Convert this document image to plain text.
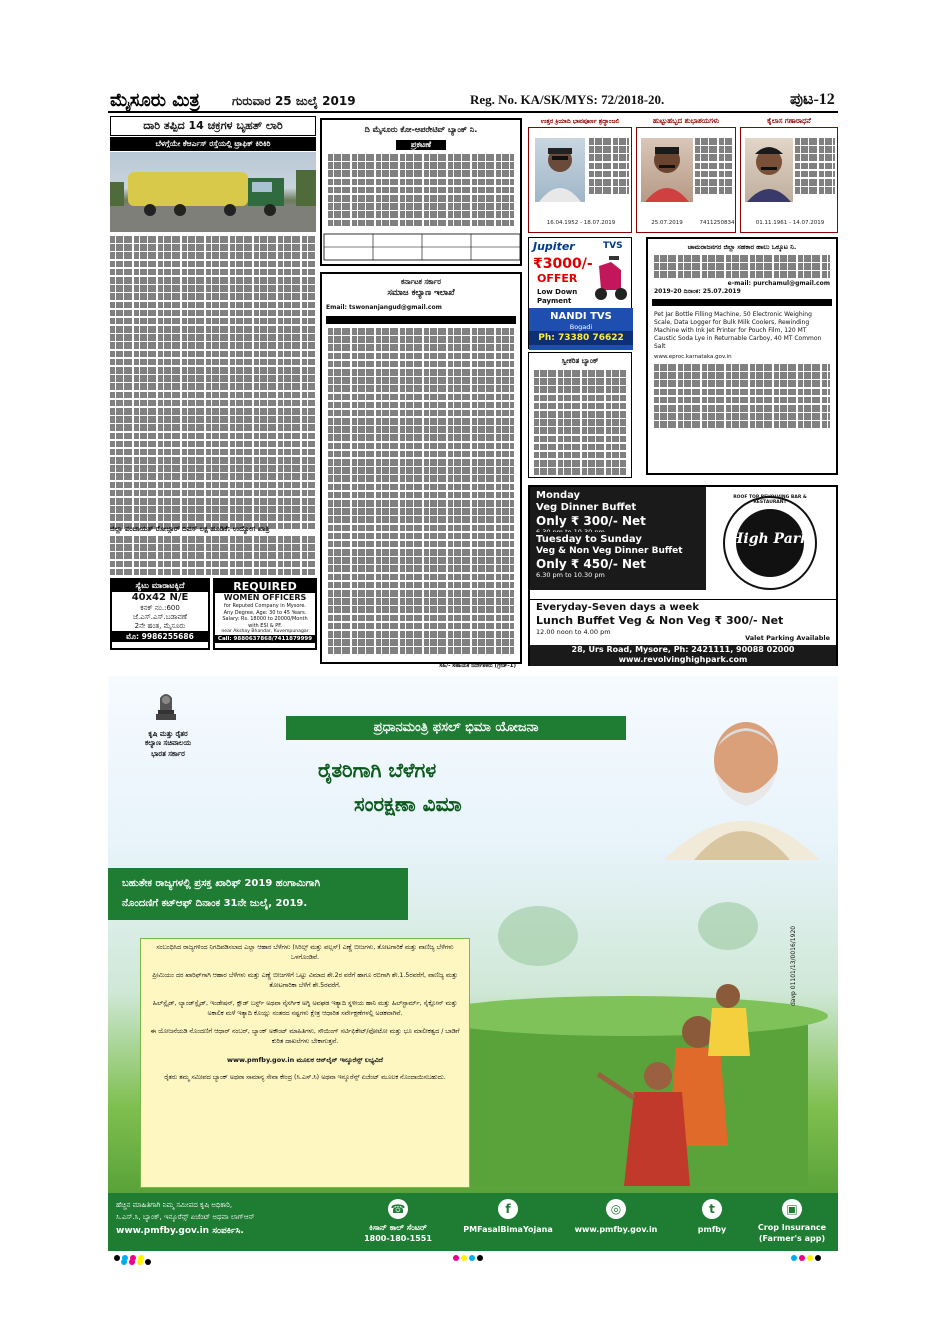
ಮೈಸೂರು ಮಿತ್ರ	ಗುರುವಾರ 25 ಜುಲೈ 2019	Reg. No. KA/SK/MYS: 72/2018-20.	ಪುಟ-12
ದಾರಿ ತಪ್ಪಿದ 14 ಚಕ್ರಗಳ ಬೃಹತ್ ಲಾರಿ
ಬೆಳಗ್ಗೆಯೇ ಕೆಆರ್ಎಸ್ ರಸ್ತೆಯಲ್ಲಿ ಟ್ರಾಫಿಕ್ ಕಿರಿಕಿರಿ
ಜಿಲ್ಲಾ ಪಂಚಾಯತ್ ರೋಜ್ಗಾರ್ ದಿವಸ್ ಲಕ್ಷ ಹೂಡಿಕೆ: ಉದ್ಯೋಗ ಖಾತ್ರಿ
ಸ್ಯೆಟು ಮಾರಾಟಕ್ಕಿದೆ
40x42 N/E
ಕನಕ್ ನಂ.:600
ಜೆ.ಎಸ್.ಎಸ್.ಬಡಾವಣೆ
2ನೇ ಹಂತ, ಮೈಸೂರು
ಮೊ: 9986255686
REQUIRED
WOMEN OFFICERS
for Reputed Company in Mysore.
Any Degree, Age: 30 to 45 Years.
Salary: Rs. 18000 to 20000/Month
with ESI & PF.
near Akshay Bhandar, Kuvempunagar
Call: 9880637868/7411879999
ದಿ ಮೈಸೂರು ಕೋ-ಆಪರೇಟಿವ್ ಬ್ಯಾಂಕ್ ನಿ.
ಪ್ರಕಟಣೆ
ಕರ್ನಾಟಕ ಸರ್ಕಾರ
ಸಮಾಜ ಕಲ್ಯಾಣ ಇಲಾಖೆ
Email: tswonanjangud@gmail.com
ಸಹಿ/- ಸಹಾಯಕ ನಿರ್ದೇಶಕರು (ಗ್ರೇಡ್-1)
ಉತ್ತರ ಕ್ರಿಯಾದಿ ಭಾವಪೂರ್ಣ ಶ್ರದ್ಧಾಂಜಲಿ	ಹುಟ್ಟುಹಬ್ಬದ ಶುಭಾಶಯಗಳು	ಕೈಲಾಸ ಗಣಾರಾಧನೆ
16.04.1952 - 18.07.2019	25.07.2019	7411250834	01.11.1961 - 14.07.2019
Jupiter	TVS
₹3000/-
OFFER
Low Down
Payment
NANDI TVS
Bogadi
Ph: 73380 76622
ಸ್ವೀಕರಿತ ಬ್ಯಾಂಕ್
ಚಾಮರಾಜನಗರ ಜಿಲ್ಲಾ ಸಹಕಾರ ಹಾಲು ಒಕ್ಕೂಟ ನಿ.
e-mail: purchamul@gmail.com
2019-20 ದಿನಾಂಕ: 25.07.2019
Pet Jar Bottle Filling Machine, 50 Electronic Weighing Scale, Data Logger for Bulk Milk Coolers, Rewinding Machine with Ink Jet Printer for Pouch Film, 120 MT Caustic Soda Lye in Returnable Carboy, 40 MT Common Salt
www.eproc.karnataka.gov.in
Monday
Veg Dinner Buffet
Only ₹ 300/- Net
Tuesday to Sunday
Veg & Non Veg Dinner Buffet
Only ₹ 450/- Net
6.30 pm to 10.30 pm
High Park
ROOF TOP REVOLVING BAR & RESTAURANT
Everyday-Seven days a week
Lunch Buffet Veg & Non Veg ₹ 300/- Net
12.00 noon to 4.00 pm
Valet Parking Available
28, Urs Road, Mysore, Ph: 2421111, 90088 02000
www.revolvinghighpark.com
ಕೃಷಿ ಮತ್ತು ರೈತರ
ಕಲ್ಯಾಣ ಸಚಿವಾಲಯ
ಭಾರತ ಸರ್ಕಾರ
ಪ್ರಧಾನಮಂತ್ರಿ ಫಸಲ್ ಭಿಮಾ ಯೋಜನಾ
ರೈತರಿಗಾಗಿ ಬೆಳೆಗಳ
ಸಂರಕ್ಷಣಾ ವಿಮಾ
ಬಹುತೇಕ ರಾಜ್ಯಗಳಲ್ಲಿ ಪ್ರಸಕ್ತ ಖಾರಿಫ್ 2019 ಹಂಗಾಮಿಗಾಗಿ
ನೊಂದಣಿಗೆ ಕಟ್ಆಫ್ ದಿನಾಂಕ 31ನೇ ಜುಲೈ, 2019.
ಸಂಬಂಧಿಸಿದ ರಾಜ್ಯಗಳಿಂದ ನಿಗದಿಪಡಿಸಲಾದ ಎಲ್ಲಾ ಆಹಾರ ಬೆಳೆಗಳು (ಸಿರಿಲ್ಸ್ ಮತ್ತು ಪಲ್ಸಸ್) ಎಣ್ಣೆ ಬೀಜಗಳು, ತೋಟಗಾರಿಕೆ ಮತ್ತು ವಾಣಿಜ್ಯ ಬೆಳೆಗಳು ಒಳಗೊಂಡಿವೆ.
ಪ್ರೀಮಿಯಂ ದರ ಖಾರಿಫ್‌ಗಾಗಿ ಆಹಾರ ಬೆಳೆಗಳು ಮತ್ತು ಎಣ್ಣೆ ಬೀಜಗಳಿಗೆ ಒಟ್ಟು ವಿಮಾದ ಶೇ.2ರ ವರೆಗೆ ಹಾಗೂ ರಬಿಗಾಗಿ ಶೇ.1.5ರವರೆಗೆ, ವಾಣಿಜ್ಯ ಮತ್ತು ತೋಟಗಾರಿಕಾ ಬೆಳೆಗೆ ಶೇ.5ರವರೆಗೆ.
ಹಿಲ್‌ಸ್ಲೈಡ್, ಲ್ಯಾಂಡ್‌ಸ್ಲೈಡ್, ಇಂಡೇಷನ್, ಕ್ಲೌಡ್ ಬರ್ಸ್ಟ್ ಅಥವಾ ನೈಸರ್ಗಿಕ ಅಗ್ನಿ ಅವಘಡ ಇತ್ಯಾದಿ ಸ್ಥಳೀಯ ಹಾನಿ ಮತ್ತು ಹಿಲ್‌ಸ್ಟಾರ್ಮ್, ಸೈಕ್ಲೋನ್ ಮತ್ತು ಅಕಾಲಿಕ ಮಳೆ ಇತ್ಯಾದಿ ಕೊಯ್ಲು ನಂತರದ ನಷ್ಟಗಳು ಕ್ಷೇತ್ರ ಆಧಾರಿತ ಸರ್ವೇಕ್ಷಣೆಗಳಲ್ಲಿ ಅಡಕವಾಗಿವೆ.
ಈ ಯೋಜನೆಯಡಿ ನೊಂದಣಿಗೆ ಆಧಾರ್ ನಂಬರ್, ಬ್ಯಾಂಕ್ ಅಕೌಂಟ್ ಮಾಹಿತಿಗಳು, ಸೌಯಿಂಗ್ ಸರ್ಟಿಫಿಕೇಟ್/ಫೋಟೋ ಮತ್ತು ಭೂ ಮಾಲೀಕತ್ವದ / ಬಾಡಿಗೆ ಕುರಿತ ದಾಖಲೆಗಳು ಬೇಕಾಗುತ್ತವೆ.
www.pmfby.gov.in ಮೂಲಕ ಆನ್‌ಲೈನ್ ಇನ್ಶೂರೆನ್ಸ್ ಲಭ್ಯವಿದೆ
ರೈತರು ತಮ್ಮ ಸಮೀಪದ ಬ್ಯಾಂಕ್ ಅಥವಾ ಸಾಮಾನ್ಯ ಸೇವಾ ಕೇಂದ್ರ (ಸಿ.ಎಸ್.ಸಿ) ಅಥವಾ ಇನ್ಶೂರೆನ್ಸ್ ಏಜೆಂಟ್ ಮೂಲಕ ನೊಂದಾಯಿಸಬಹುದು.
davp 01101/13/0016/1920
ಹೆಚ್ಚಿನ ಮಾಹಿತಿಗಾಗಿ ನಿಮ್ಮ ಸಮೀಪದ ಕೃಷಿ ಅಧಿಕಾರಿ,
ಸಿ.ಎಸ್.ಸಿ, ಬ್ಯಾಂಕ್, ಇನ್ಶೂರೆನ್ಸ್ ಏಜೆಂಟ್ ಅಥವಾ ಲಾಗ್ಆನ್
www.pmfby.gov.in ಸಂಪರ್ಕಿಸಿ.
☎
ಕಿಸಾನ್ ಕಾಲ್ ಸೆಂಟರ್
1800-180-1551
f
PMFasalBimaYojana
◎
www.pmfby.gov.in
t
pmfby
▣
Crop Insurance
(Farmer's app)
